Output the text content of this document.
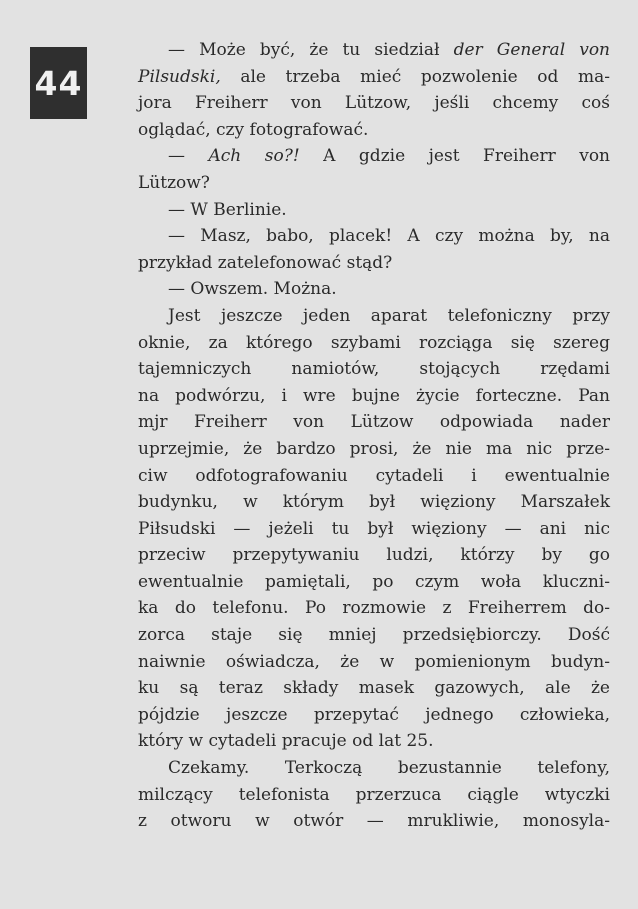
44
— Może być, że tu siedział der General von
Pilsudski, ale trzeba mieć pozwolenie od ma-
jora Freiherr von Lützow, jeśli chcemy coś
oglądać, czy fotografować.
— Ach so?! A gdzie jest Freiherr von
Lützow?
— W Berlinie.
— Masz, babo, placek! A czy można by, na
przykład zatelefonować stąd?
— Owszem. Można.
Jest jeszcze jeden aparat telefoniczny przy
oknie, za którego szybami rozciąga się szereg
tajemniczych namiotów, stojących rzędami
na podwórzu, i wre bujne życie forteczne. Pan
mjr Freiherr von Lützow odpowiada nader
uprzejmie, że bardzo prosi, że nie ma nic prze-
ciw odfotografowaniu cytadeli i ewentualnie
budynku, w którym był więziony Marszałek
Piłsudski — jeżeli tu był więziony — ani nic
przeciw przepytywaniu ludzi, którzy by go
ewentualnie pamiętali, po czym woła kluczni-
ka do telefonu. Po rozmowie z Freiherrem do-
zorca staje się mniej przedsiębiorczy. Dość
naiwnie oświadcza, że w pomienionym budyn-
ku są teraz składy masek gazowych, ale że
pójdzie jeszcze przepytać jednego człowieka,
który w cytadeli pracuje od lat 25.
Czekamy. Terkoczą bezustannie telefony,
milczący telefonista przerzuca ciągle wtyczki
z otworu w otwór — mrukliwie, monosyla-
